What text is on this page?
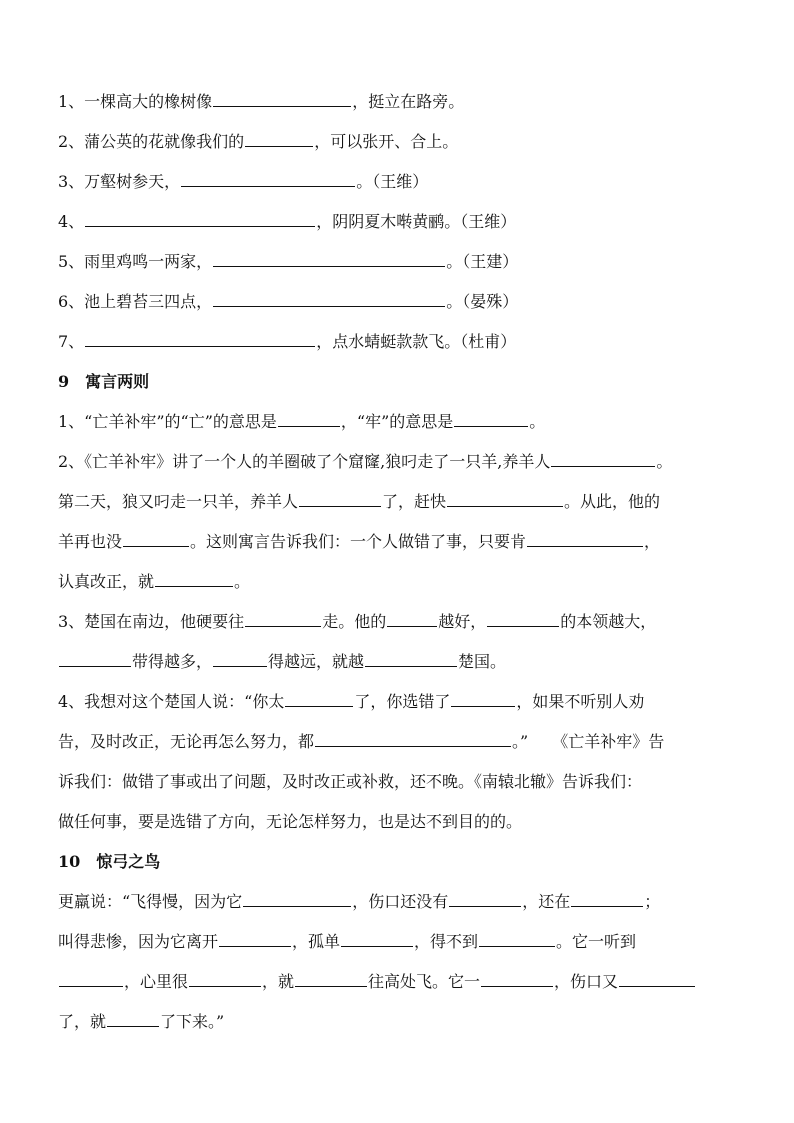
1、一棵高大的橡树像	，挺立在路旁。
2、蒲公英的花就像我们的	，可以张开、合上。
3、万壑树参天，	。（王维）
4、	，阴阴夏木啭黄鹂。（王维）
5、雨里鸡鸣一两家，	。（王建）
6、池上碧苔三四点，	。（晏殊）
7、	，点水蜻蜓款款飞。（杜甫）
9　寓言两则
1、“亡羊补牢”的“亡”的意思是	，“牢”的意思是	。
2、《亡羊补牢》讲了一个人的羊圈破了个窟窿,狼叼走了一只羊,养羊人	。
第二天，狼又叼走一只羊，养羊人	了，赶快	。从此，他的
羊再也没	。这则寓言告诉我们：一个人做错了事，只要肯	，
认真改正，就	。
3、楚国在南边，他硬要往	走。他的	越好，	的本领越大，
带得越多，	得越远，就越	楚国。
4、我想对这个楚国人说：“你太	了，你选错了	，如果不听别人劝
告，及时改正，无论再怎么努力，都	。”　　《亡羊补牢》告
诉我们：做错了事或出了问题，及时改正或补救，还不晚。《南辕北辙》告诉我们：
做任何事，要是选错了方向，无论怎样努力，也是达不到目的的。
10　惊弓之鸟
更羸说：“飞得慢，因为它	，伤口还没有	，还在	；
叫得悲惨，因为它离开	，孤单	，得不到	。它一听到
，心里很	，就	往高处飞。它一	，伤口又
了，就	了下来。”
